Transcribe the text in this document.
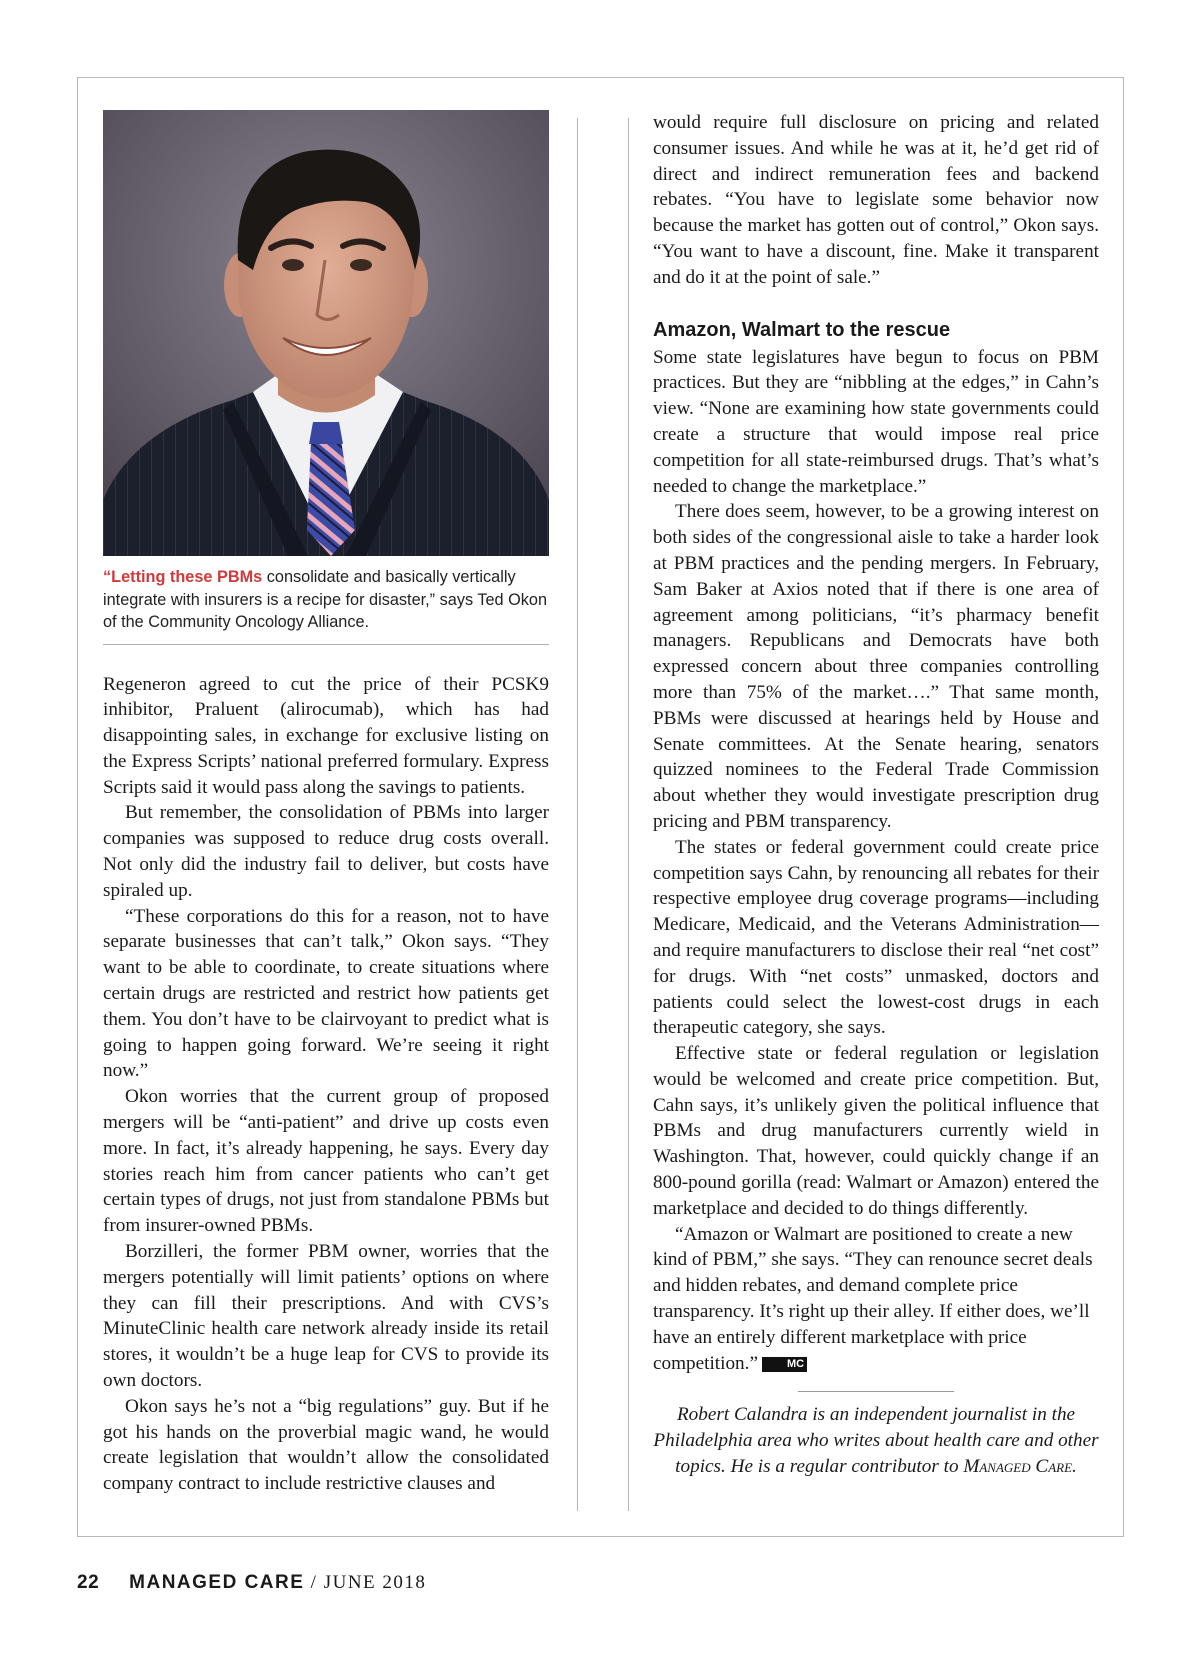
“Letting these PBMs consolidate and basically vertically integrate with insurers is a recipe for disaster,” says Ted Okon of the Community Oncology Alliance.

Regeneron agreed to cut the price of their PCSK9 inhibitor, Praluent (alirocumab), which has had disappointing sales, in exchange for exclusive listing on the Express Scripts’ national preferred formulary. Express Scripts said it would pass along the savings to patients.

But remember, the consolidation of PBMs into larger companies was supposed to reduce drug costs overall. Not only did the industry fail to deliver, but costs have spiraled up.

“These corporations do this for a reason, not to have separate businesses that can’t talk,” Okon says. “They want to be able to coordinate, to create situations where certain drugs are restricted and restrict how patients get them. You don’t have to be clairvoyant to predict what is going to happen going forward. We’re seeing it right now.”

Okon worries that the current group of proposed mergers will be “anti-patient” and drive up costs even more. In fact, it’s already happening, he says. Every day stories reach him from cancer patients who can’t get certain types of drugs, not just from standalone PBMs but from insurer-owned PBMs.

Borzilleri, the former PBM owner, worries that the mergers potentially will limit patients’ options on where they can fill their prescriptions. And with CVS’s MinuteClinic health care network already inside its retail stores, it wouldn’t be a huge leap for CVS to provide its own doctors.

Okon says he’s not a “big regulations” guy. But if he got his hands on the proverbial magic wand, he would create legislation that wouldn’t allow the consolidated company contract to include restrictive clauses and

would require full disclosure on pricing and related consumer issues. And while he was at it, he’d get rid of direct and indirect remuneration fees and backend rebates. “You have to legislate some behavior now because the market has gotten out of control,” Okon says. “You want to have a discount, fine. Make it transparent and do it at the point of sale.”

Amazon, Walmart to the rescue

Some state legislatures have begun to focus on PBM practices. But they are “nibbling at the edges,” in Cahn’s view. “None are examining how state governments could create a structure that would impose real price competition for all state-reimbursed drugs. That’s what’s needed to change the marketplace.”

There does seem, however, to be a growing interest on both sides of the congressional aisle to take a harder look at PBM practices and the pending mergers. In February, Sam Baker at Axios noted that if there is one area of agreement among politicians, “it’s pharmacy benefit managers. Republicans and Democrats have both expressed concern about three companies controlling more than 75% of the market….” That same month, PBMs were discussed at hearings held by House and Senate committees. At the Senate hearing, senators quizzed nominees to the Federal Trade Commission about whether they would investigate prescription drug pricing and PBM transparency.

The states or federal government could create price competition says Cahn, by renouncing all rebates for their respective employee drug coverage programs—including Medicare, Medicaid, and the Veterans Administration—and require manufacturers to disclose their real “net cost” for drugs. With “net costs” unmasked, doctors and patients could select the lowest-cost drugs in each therapeutic category, she says.

Effective state or federal regulation or legislation would be welcomed and create price competition. But, Cahn says, it’s unlikely given the political influence that PBMs and drug manufacturers currently wield in Washington. That, however, could quickly change if an 800-pound gorilla (read: Walmart or Amazon) entered the marketplace and decided to do things differently.

“Amazon or Walmart are positioned to create a new kind of PBM,” she says. “They can renounce secret deals and hidden rebates, and demand complete price transparency. It’s right up their alley. If either does, we’ll have an entirely different marketplace with price competition.”	MC

Robert Calandra is an independent journalist in the Philadelphia area who writes about health care and other topics. He is a regular contributor to Managed Care.
22 MANAGED CARE / JUNE 2018
